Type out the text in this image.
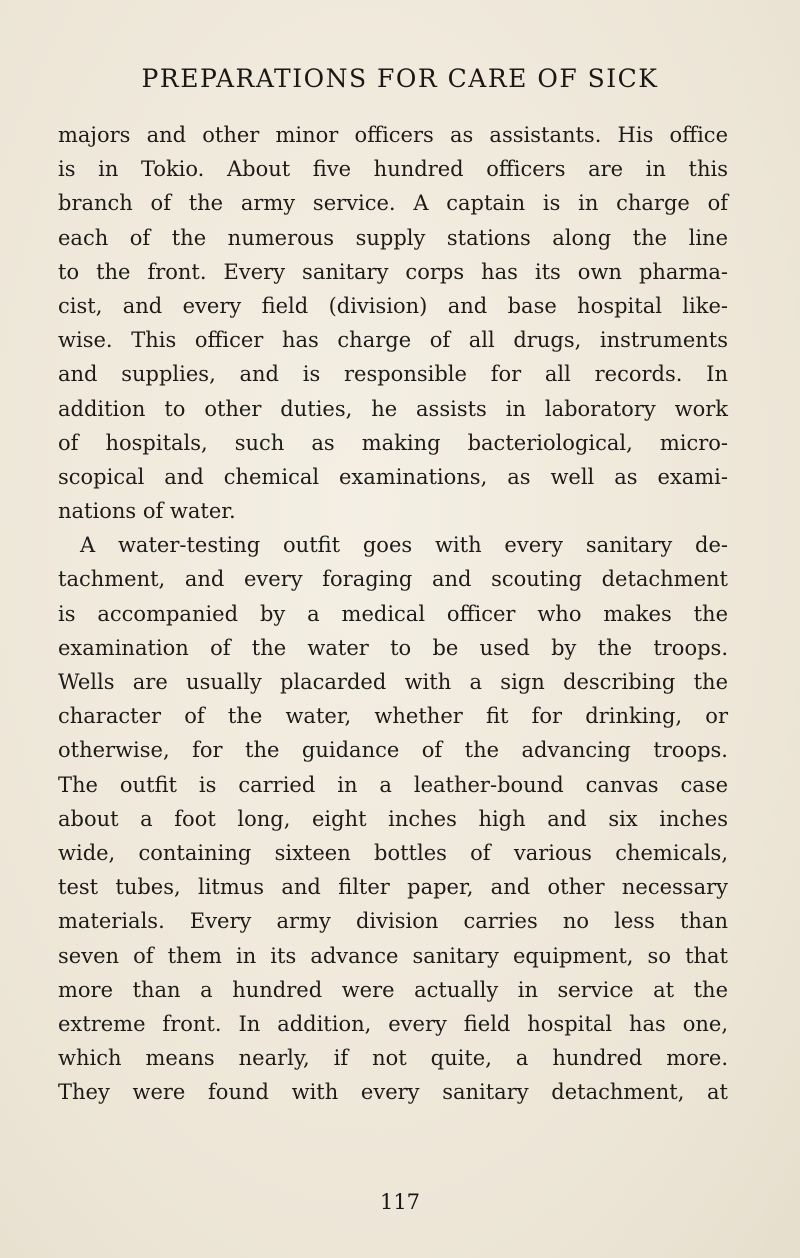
PREPARATIONS FOR CARE OF SICK
majors and other minor officers as assistants. His office
is in Tokio. About five hundred officers are in this
branch of the army service. A captain is in charge of
each of the numerous supply stations along the line
to the front. Every sanitary corps has its own pharma-
cist, and every field (division) and base hospital like-
wise. This officer has charge of all drugs, instruments
and supplies, and is responsible for all records. In
addition to other duties, he assists in laboratory work
of hospitals, such as making bacteriological, micro-
scopical and chemical examinations, as well as exami-
nations of water.
A water-testing outfit goes with every sanitary de-
tachment, and every foraging and scouting detachment
is accompanied by a medical officer who makes the
examination of the water to be used by the troops.
Wells are usually placarded with a sign describing the
character of the water, whether fit for drinking, or
otherwise, for the guidance of the advancing troops.
The outfit is carried in a leather-bound canvas case
about a foot long, eight inches high and six inches
wide, containing sixteen bottles of various chemicals,
test tubes, litmus and filter paper, and other necessary
materials. Every army division carries no less than
seven of them in its advance sanitary equipment, so that
more than a hundred were actually in service at the
extreme front. In addition, every field hospital has one,
which means nearly, if not quite, a hundred more.
They were found with every sanitary detachment, at
117
